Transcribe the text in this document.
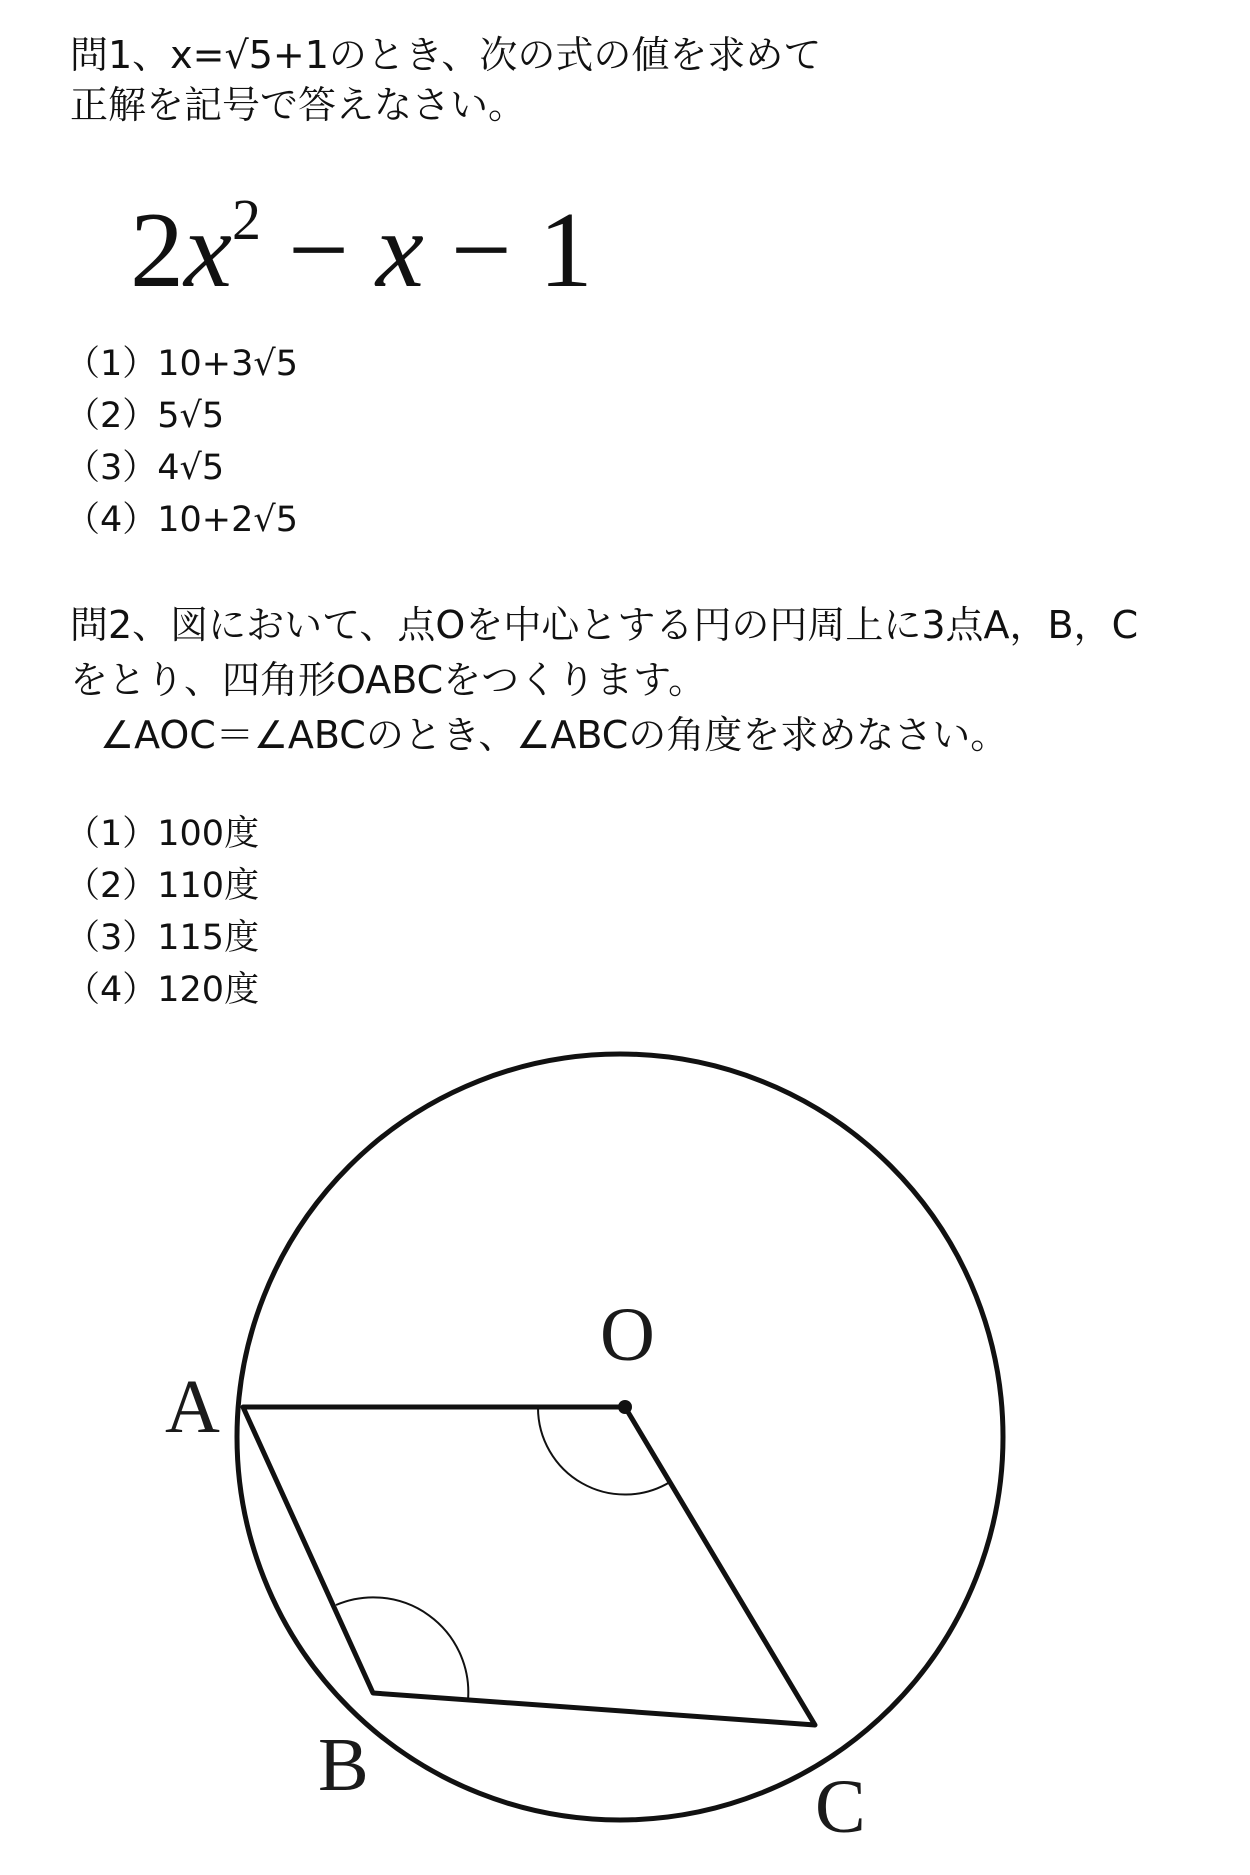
問1、x=√5+1のとき、次の式の値を求めて
正解を記号で答えなさい。
$2x^2 - x - 1$
（1）10+3√5
（2）5√5
（3）4√5
（4）10+2√5
問2、図において、点Oを中心とする円の円周上に3点A，B，C
をとり、四角形OABCをつくります。
∠AOC＝∠ABCのとき、∠ABCの角度を求めなさい。
（1）100度
（2）110度
（3）115度
（4）120度
O
A
B	C
